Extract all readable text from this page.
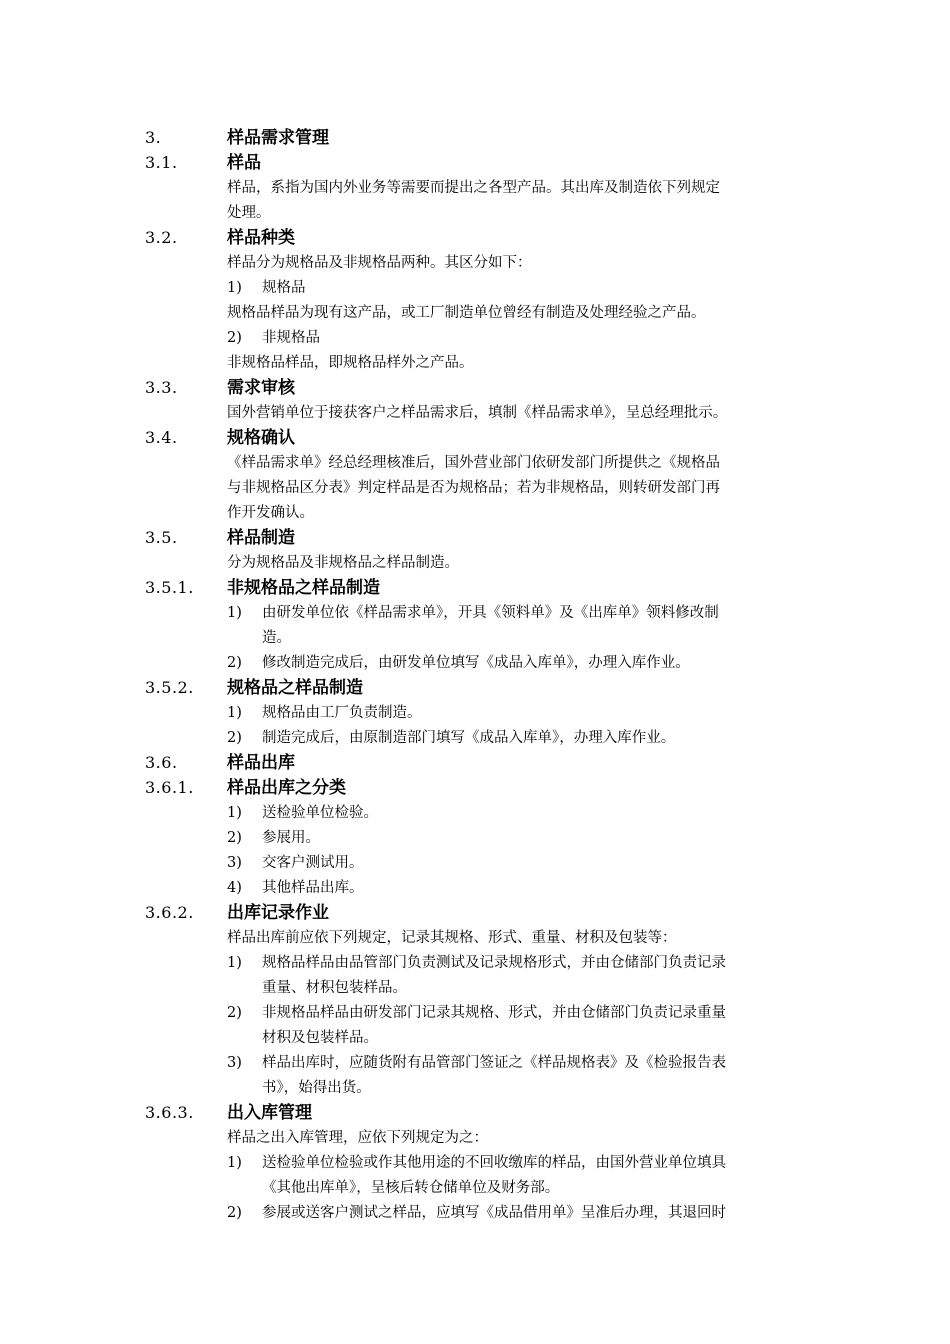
3.	样品需求管理
3.1.	样品
样品，系指为国内外业务等需要而提出之各型产品。其出库及制造依下列规定
处理。
3.2.	样品种类
样品分为规格品及非规格品两种。其区分如下：
1) 规格品
规格品样品为现有这产品，或工厂制造单位曾经有制造及处理经验之产品。
2) 非规格品
非规格品样品，即规格品样外之产品。
3.3.	需求审核
国外营销单位于接获客户之样品需求后，填制《样品需求单》，呈总经理批示。
3.4.	规格确认
《样品需求单》经总经理核准后，国外营业部门依研发部门所提供之《规格品
与非规格品区分表》判定样品是否为规格品；若为非规格品，则转研发部门再
作开发确认。
3.5.	样品制造
分为规格品及非规格品之样品制造。
3.5.1. 非规格品之样品制造
1) 由研发单位依《样品需求单》，开具《领料单》及《出库单》领料修改制
造。
2) 修改制造完成后，由研发单位填写《成品入库单》，办理入库作业。
3.5.2. 规格品之样品制造
1) 规格品由工厂负责制造。
2) 制造完成后，由原制造部门填写《成品入库单》，办理入库作业。
3.6.	样品出库
3.6.1. 样品出库之分类
1) 送检验单位检验。
2) 参展用。
3) 交客户测试用。
4) 其他样品出库。
3.6.2. 出库记录作业
样品出库前应依下列规定，记录其规格、形式、重量、材积及包装等：
1) 规格品样品由品管部门负责测试及记录规格形式，并由仓储部门负责记录
重量、材积包装样品。
2) 非规格品样品由研发部门记录其规格、形式，并由仓储部门负责记录重量
材积及包装样品。
3) 样品出库时，应随货附有品管部门签证之《样品规格表》及《检验报告表
书》，始得出货。
3.6.3. 出入库管理
样品之出入库管理，应依下列规定为之：
1) 送检验单位检验或作其他用途的不回收缴库的样品，由国外营业单位填具
《其他出库单》，呈核后转仓储单位及财务部。
2) 参展或送客户测试之样品，应填写《成品借用单》呈准后办理，其退回时
